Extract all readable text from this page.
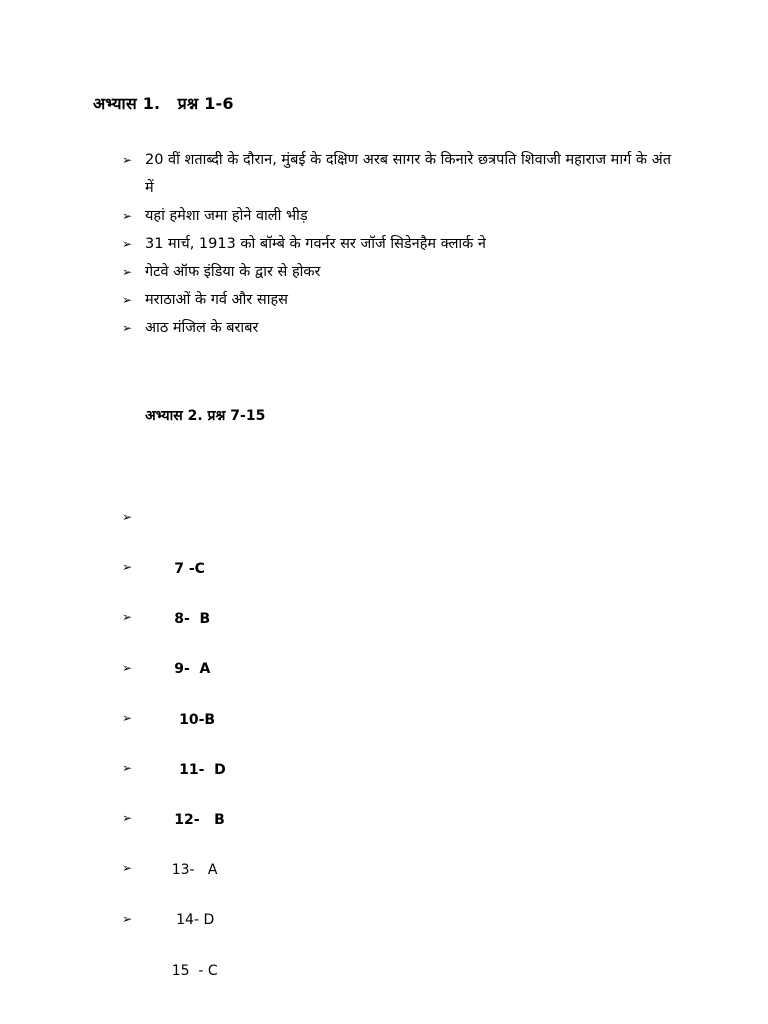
अभ्यास 1.   प्रश्न 1-6
➢ 20 वीं शताब्दी के दौरान, मुंबई के दक्षिण अरब सागर के किनारे छत्रपति शिवाजी महाराज मार्ग के अंत में
➢ यहां हमेशा जमा होने वाली भीड़
➢ 31 मार्च, 1913 को बॉम्बे के गवर्नर सर जॉर्ज सिडेनहैम क्लार्क ने
➢ गेटवे ऑफ इंडिया के द्वार से होकर
➢ मराठाओं के गर्व और साहस
➢ आठ मंजिल के बराबर
अभ्यास 2. प्रश्न 7-15

➢

7 -C

➢

8-  B

➢

9-  A

➢

10-B

➢

11-  D

➢

12-   B

➢

13-   A

➢

14- D

➢

15  - C
